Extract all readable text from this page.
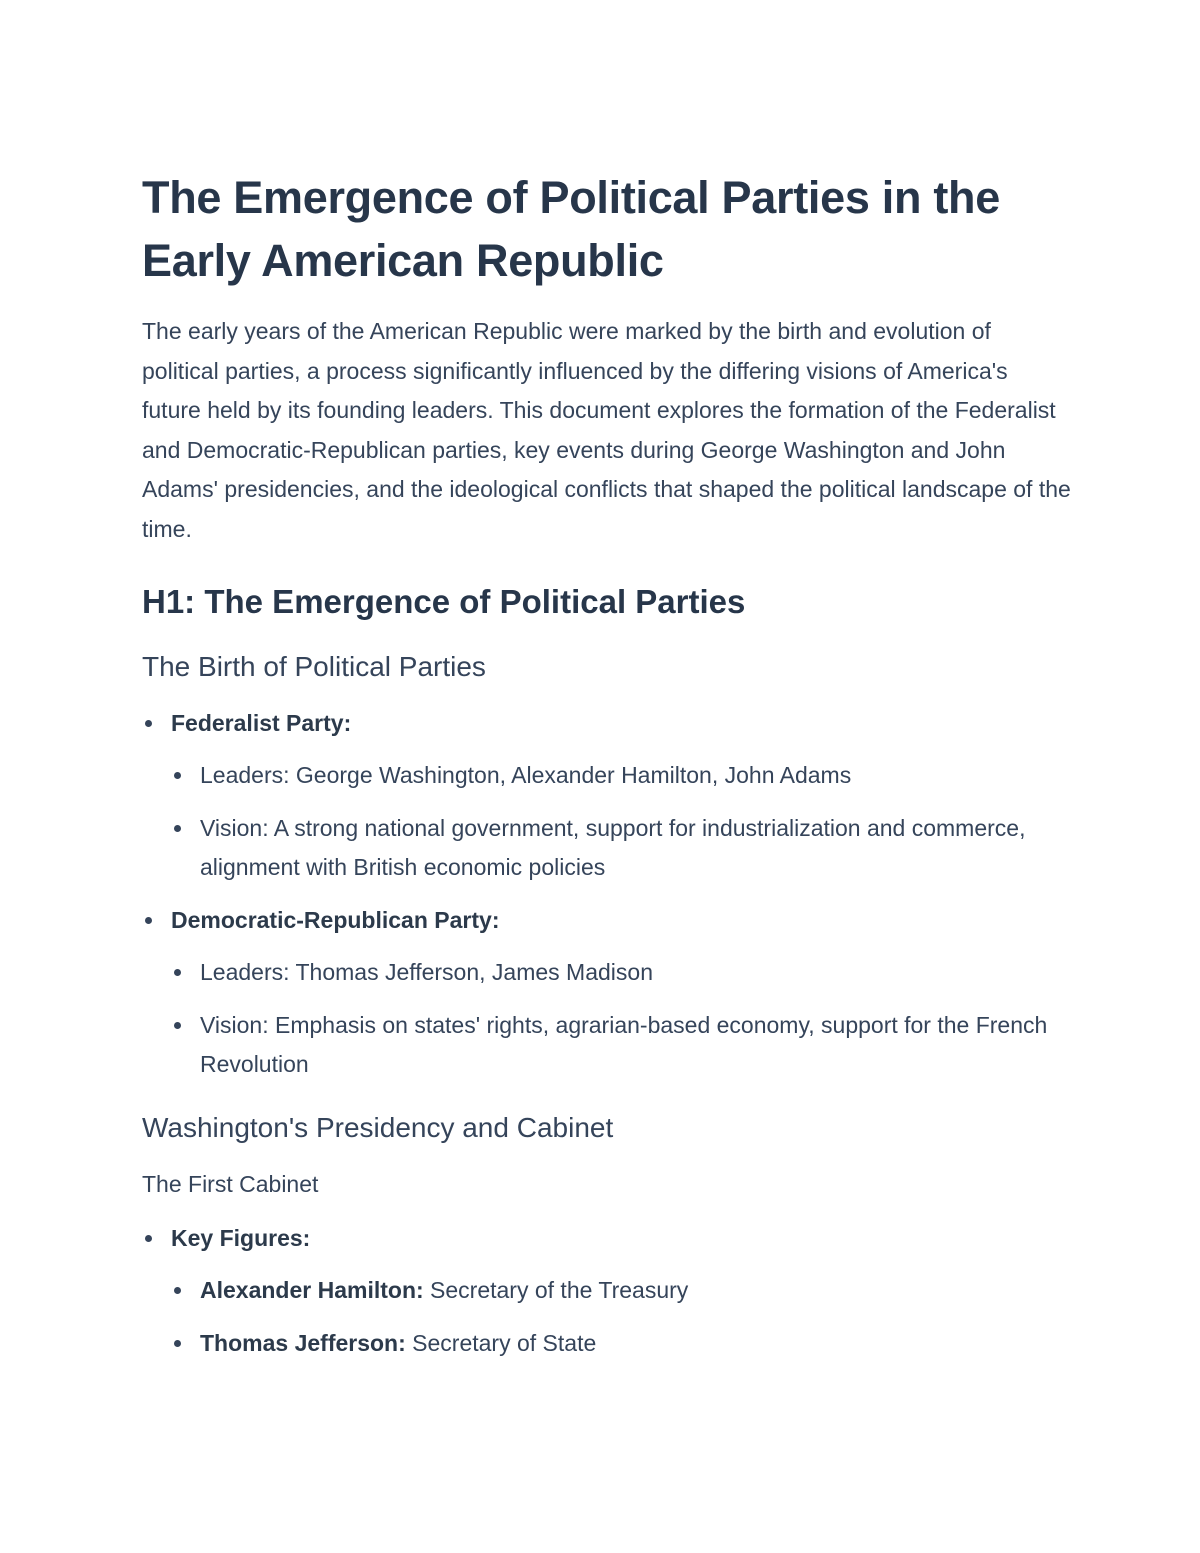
The Emergence of Political Parties in the Early American Republic

The early years of the American Republic were marked by the birth and evolution of political parties, a process significantly influenced by the differing visions of America's future held by its founding leaders. This document explores the formation of the Federalist and Democratic-Republican parties, key events during George Washington and John Adams' presidencies, and the ideological conflicts that shaped the political landscape of the time.

H1: The Emergence of Political Parties
The Birth of Political Parties
Federalist Party:
Leaders: George Washington, Alexander Hamilton, John Adams
Vision: A strong national government, support for industrialization and commerce, alignment with British economic policies
Democratic-Republican Party:
Leaders: Thomas Jefferson, James Madison
Vision: Emphasis on states' rights, agrarian-based economy, support for the French Revolution
Washington's Presidency and Cabinet
The First Cabinet
Key Figures:
Alexander Hamilton: Secretary of the Treasury
Thomas Jefferson: Secretary of State
